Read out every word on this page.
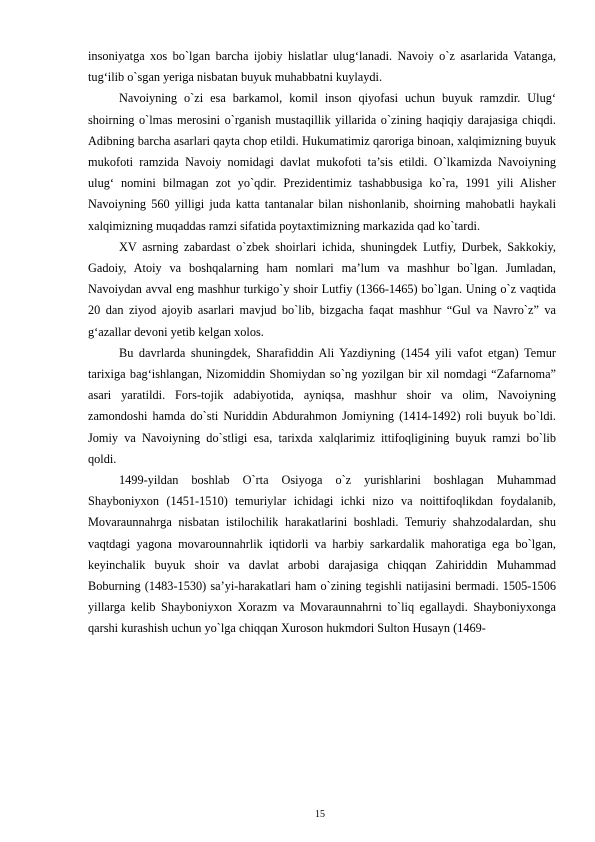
insoniyatga xos bo`lgan barcha ijobiy hislatlar ulug‘lanadi. Navoiy o`z asarlarida Vatanga, tug‘ilib o`sgan yeriga nisbatan buyuk muhabbatni kuylaydi.

Navoiyning o`zi esa barkamol, komil inson qiyofasi uchun buyuk ramzdir. Ulug‘ shoirning o`lmas merosini o`rganish mustaqillik yillarida o`zining haqiqiy darajasiga chiqdi. Adibning barcha asarlari qayta chop etildi. Hukumatimiz qaroriga binoan, xalqimizning buyuk mukofoti ramzida Navoiy nomidagi davlat mukofoti ta’sis etildi. O`lkamizda Navoiyning ulug‘ nomini bilmagan zot yo`qdir. Prezidentimiz tashabbusiga ko`ra, 1991 yili Alisher Navoiyning 560 yilligi juda katta tantanalar bilan nishonlanib, shoirning mahobatli haykali xalqimizning muqaddas ramzi sifatida poytaxtimizning markazida qad ko`tardi.

XV asrning zabardast o`zbek shoirlari ichida, shuningdek Lutfiy, Durbek, Sakkokiy, Gadoiy, Atoiy va boshqalarning ham nomlari ma’lum va mashhur bo`lgan. Jumladan, Navoiydan avval eng mashhur turkigo`y shoir Lutfiy (1366-1465) bo`lgan. Uning o`z vaqtida 20 dan ziyod ajoyib asarlari mavjud bo`lib, bizgacha faqat mashhur “Gul va Navro`z” va g‘azallar devoni yetib kelgan xolos.

Bu davrlarda shuningdek, Sharafiddin Ali Yazdiyning (1454 yili vafot etgan) Temur tarixiga bag‘ishlangan, Nizomiddin Shomiydan so`ng yozilgan bir xil nomdagi “Zafarnoma” asari yaratildi. Fors-tojik adabiyotida, ayniqsa, mashhur shoir va olim, Navoiyning zamondoshi hamda do`sti Nuriddin Abdurahmon Jomiyning (1414-1492) roli buyuk bo`ldi. Jomiy va Navoiyning do`stligi esa, tarixda xalqlarimiz ittifoqligining buyuk ramzi bo`lib qoldi.

1499-yildan boshlab O`rta Osiyoga o`z yurishlarini boshlagan Muhammad Shayboniyxon (1451-1510) temuriylar ichidagi ichki nizo va noittifoqlikdan foydalanib, Movaraunnahrga nisbatan istilochilik harakatlarini boshladi. Temuriy shahzodalardan, shu vaqtdagi yagona movarounnahrlik iqtidorli va harbiy sarkardalik mahoratiga ega bo`lgan, keyinchalik buyuk shoir va davlat arbobi darajasiga chiqqan Zahiriddin Muhammad Boburning (1483-1530) sa’yi-harakatlari ham o`zining tegishli natijasini bermadi. 1505-1506 yillarga kelib Shayboniyxon Xorazm va Movaraunnahrni to`liq egallaydi. Shayboniyxonga qarshi kurashish uchun yo`lga chiqqan Xuroson hukmdori Sulton Husayn (1469-

15
